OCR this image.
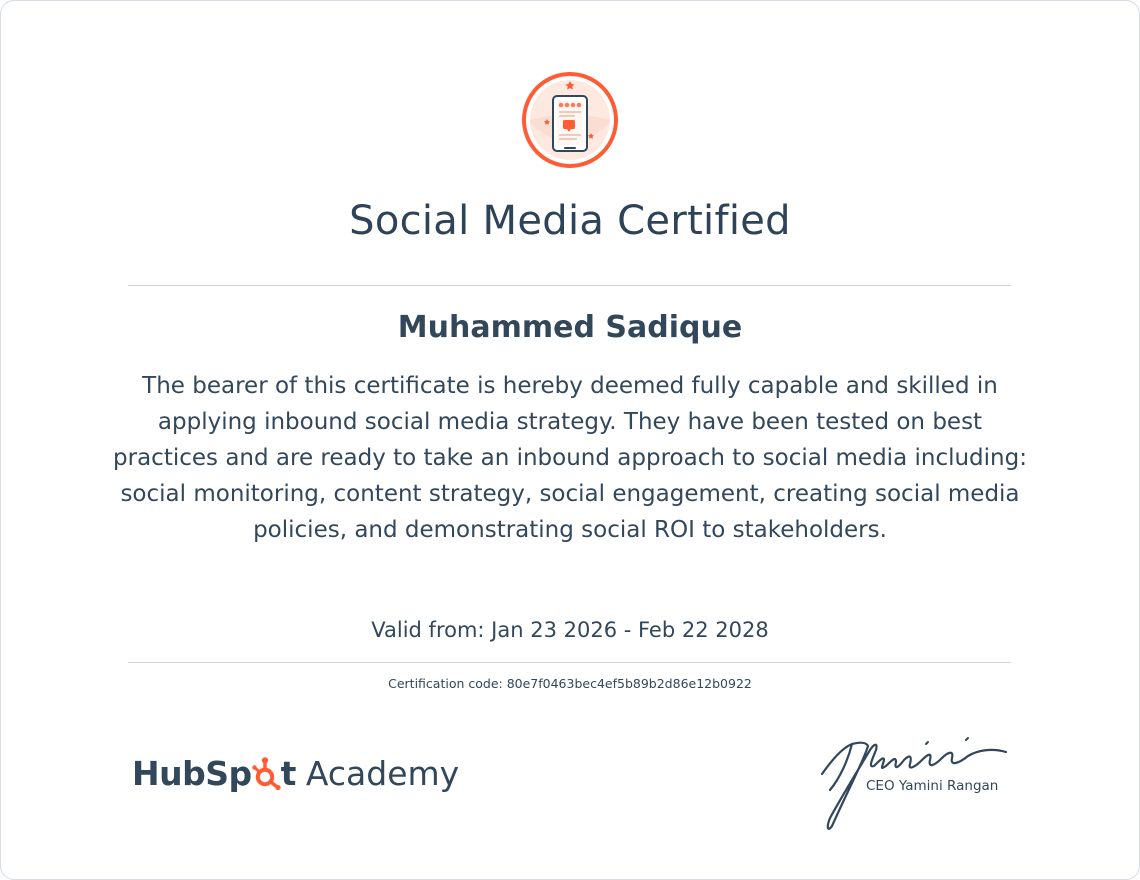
Social Media Certified
Muhammed Sadique

The bearer of this certificate is hereby deemed fully capable and skilled in applying inbound social media strategy. They have been tested on best practices and are ready to take an inbound approach to social media including: social monitoring, content strategy, social engagement, creating social media policies, and demonstrating social ROI to stakeholders.

Valid from: Jan 23 2026 - Feb 22 2028
Certification code: 80e7f0463bec4ef5b89b2d86e12b0922
HubSp t Academy	CEO Yamini Rangan
